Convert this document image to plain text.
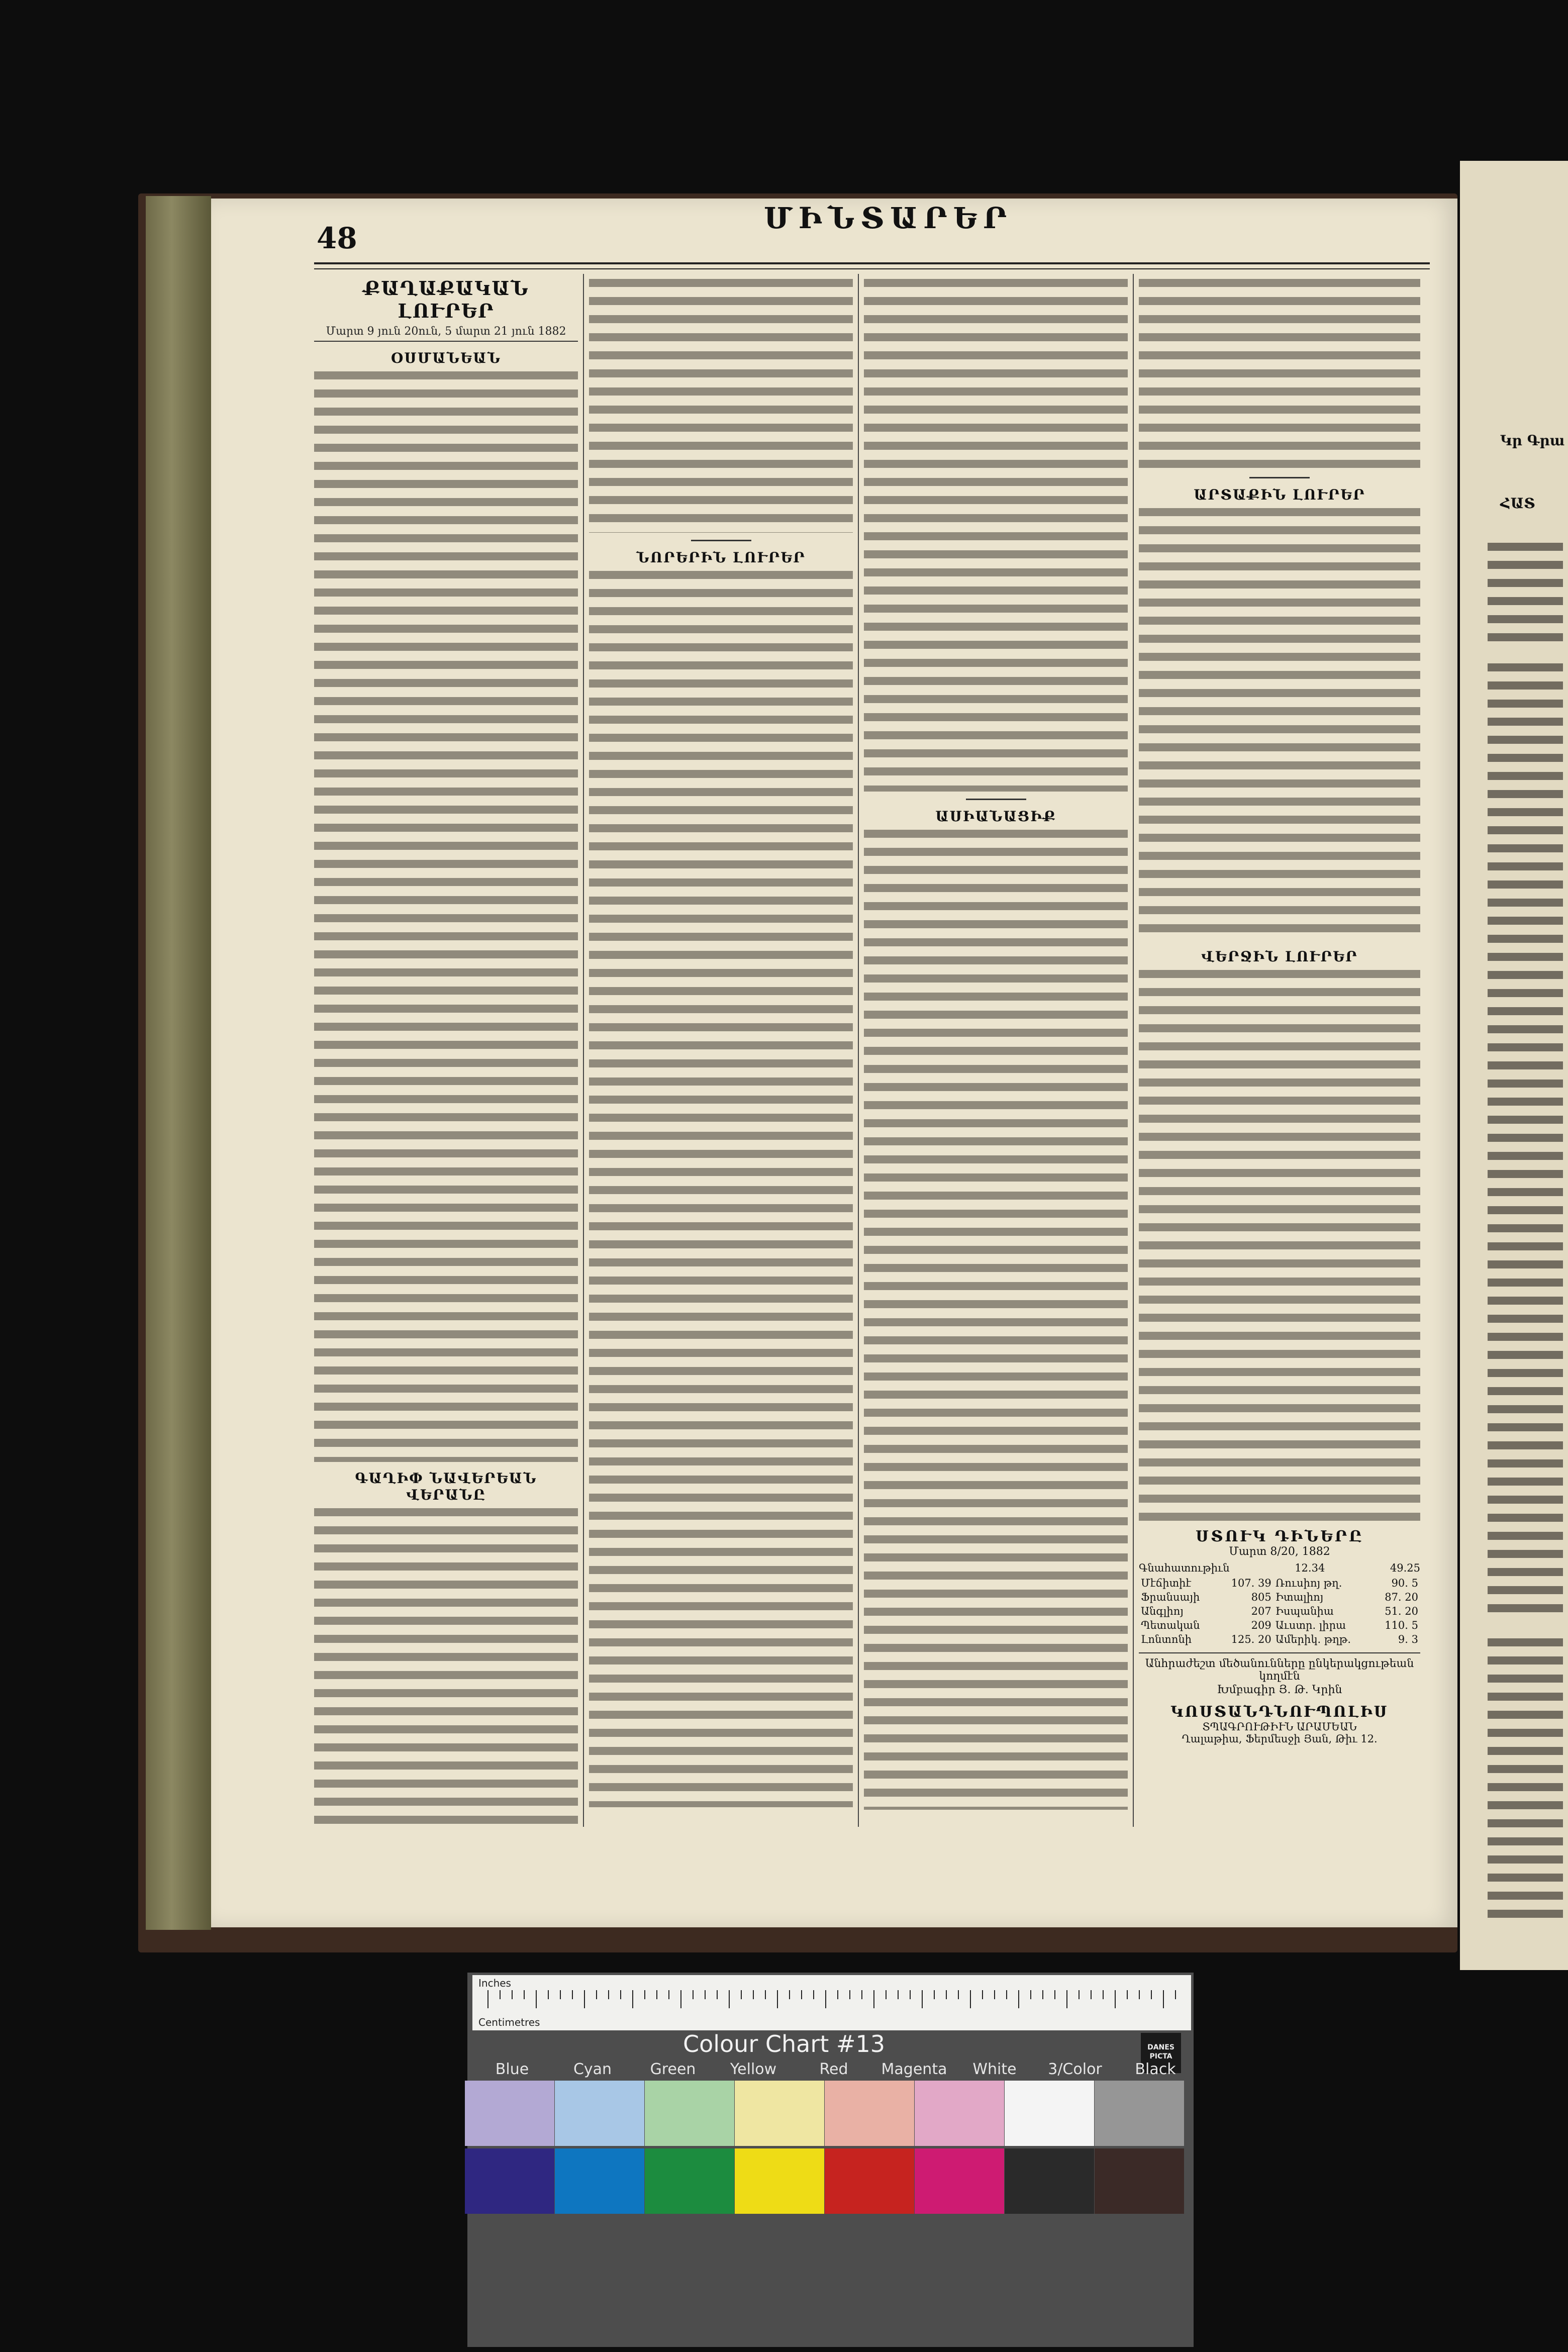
48
ՄԻՆՏԱՐԵՐ
ՔԱՂԱՔԱԿԱՆ ԼՈՒՐԵՐ
Մարտ 9 յուն 20ուն, 5 մարտ 21 յուն 1882
ՕՍՄԱՆԵԱՆ
ԳԱՂԻՓ ՆԱՎԵՐԵԱՆ ՎԵՐԱՆԸ
ՆՈՐԵՐԻՆ ԼՈՒՐԵՐ
ԱՍԻԱՆԱՑԻՔ
ԱՐՏԱՔԻՆ ԼՈՒՐԵՐ
ՎԵՐՋԻՆ ԼՈՒՐԵՐ
ՍՏՈՒԿ ԴԻՆԵՐԸ
Մարտ 8/20, 1882
Գնահատութիւն	12.34	49.25
Մէճիտիէ	107. 39	Ռուսիոյ թղ.	90. 5
Ֆրանսայի	805	Իտալիոյ	87. 20
Անգլիոյ	207	Իսպանիա	51. 20
Պետական	209	Աւստր. լիրա	110. 5
Լոնտոնի	125. 20	Ամերիկ. թղթ.	9. 3
Անհրաժեշտ մեծանունները ընկերակցութեան կողմէն
Խմբագիր Յ. Թ. Կրին
ԿՈՍՏԱՆԴՆՈՒՊՈԼԻՍ
ՏՊԱԳՐՈՒԹԻՒՆ ԱՐԱՄԵԱՆ
Ղալաթիա, Ֆերմեսջի Յան, Թիւ 12.
Կր Գրա
ՀԱՏ
Inches
Centimetres
Colour Chart #13	DANES PICTA
Blue	Cyan	Green	Yellow	Red	Magenta	White	3/Color	Black
